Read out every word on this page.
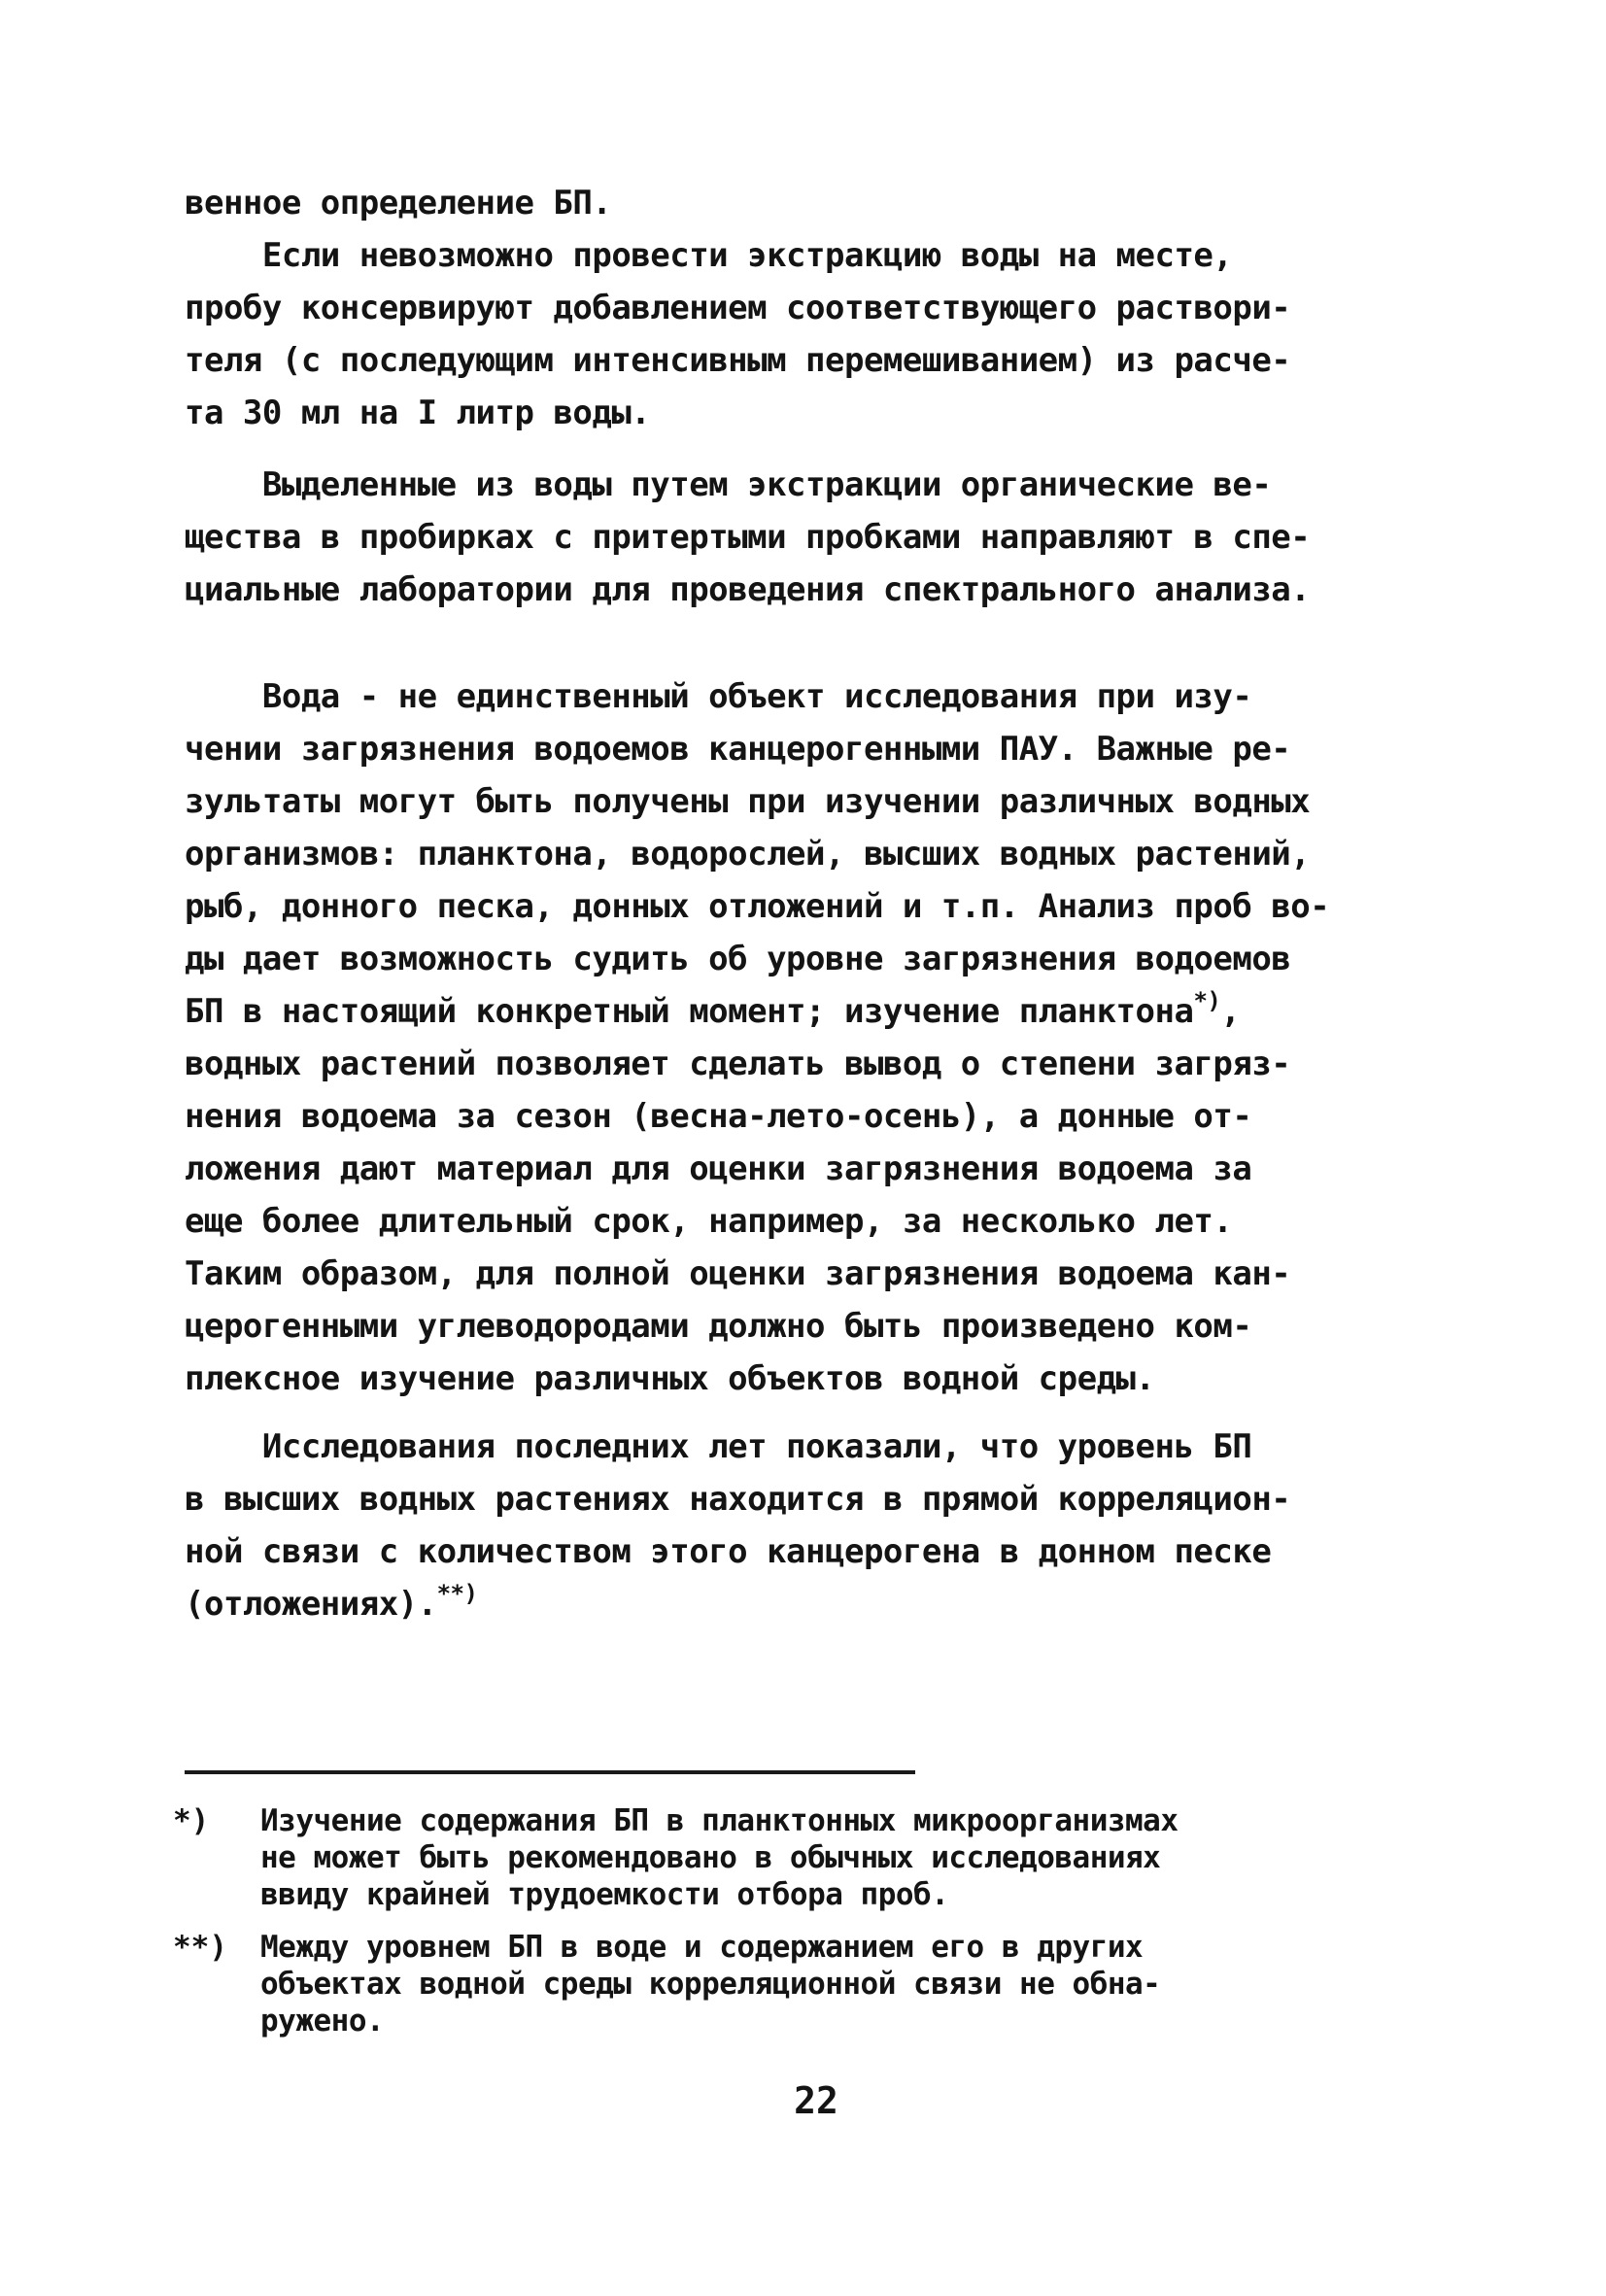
венное определение БП.
Если невозможно провести экстракцию воды на месте,
пробу консервируют добавлением соответствующего раствори-
теля (с последующим интенсивным перемешиванием) из расче-
та 30 мл на I литр воды.
Выделенные из воды путем экстракции органические ве-
щества в пробирках с притертыми пробками направляют в спе-
циальные лаборатории для проведения спектрального анализа.
Вода - не единственный объект исследования при изу-
чении загрязнения водоемов канцерогенными ПАУ. Важные ре-
зультаты могут быть получены при изучении различных водных
организмов: планктона, водорослей, высших водных растений,
рыб, донного песка, донных отложений и т.п. Анализ проб во-
ды дает возможность судить об уровне загрязнения водоемов
БП в настоящий конкретный момент; изучение планктона*),
водных растений позволяет сделать вывод о степени загряз-
нения водоема за сезон (весна-лето-осень), а донные от-
ложения дают материал для оценки загрязнения водоема за
еще более длительный срок, например, за несколько лет.
Таким образом, для полной оценки загрязнения водоема кан-
церогенными углеводородами должно быть произведено ком-
плексное изучение различных объектов водной среды.
Исследования последних лет показали, что уровень БП
в высших водных растениях находится в прямой корреляцион-
ной связи с количеством этого канцерогена в донном песке
(отложениях).**)
*)	Изучение содержания БП в планктонных микроорганизмах
не может быть рекомендовано в обычных исследованиях
ввиду крайней трудоемкости отбора проб.
**)	Между уровнем БП в воде и содержанием его в других
объектах водной среды корреляционной связи не обна-
ружено.
22
